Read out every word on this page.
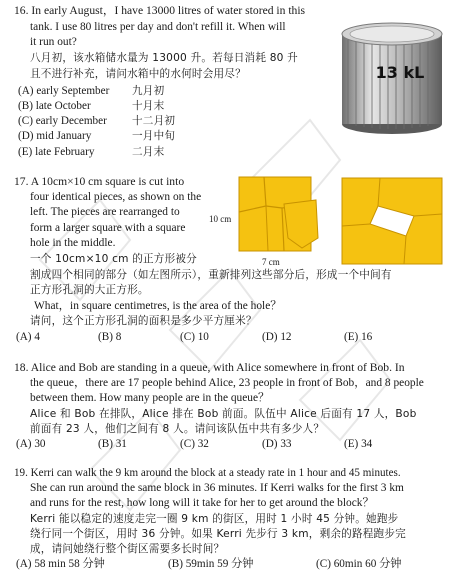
16. In early August，I have 13000 litres of water stored in this
tank. I use 80 litres per day and don't refill it. When will
it run out?
八月初，该水箱储水量为 13000 升。若每日消耗 80 升
且不进行补充，请问水箱中的水何时会用尽？
(A) early September 九月初
(B) late October	十月末
(C) early December 十二月初
(D) mid January	一月中旬
(E) late February	二月末
13 kL
17. A 10cm×10 cm square is cut into
four identical pieces, as shown on the
left. The pieces are rearranged to
form a larger square with a square
hole in the middle.
一个 10cm×10 cm 的正方形被分
割成四个相同的部分（如左图所示），重新排列这些部分后，形成一个中间有
正方形孔洞的大正方形。
What，in square centimetres, is the area of the hole？
请问，这个正方形孔洞的面积是多少平方厘米？
(A) 4	(B) 8	(C) 10	(D) 12	(E) 16
10 cm
7 cm
18. Alice and Bob are standing in a queue, with Alice somewhere in front of Bob. In
the queue，there are 17 people behind Alice, 23 people in front of Bob，and 8 people
between them. How many people are in the queue？
Alice 和 Bob 在排队，Alice 排在 Bob 前面。队伍中 Alice 后面有 17 人，Bob
前面有 23 人，他们之间有 8 人。请问该队伍中共有多少人？
(A) 30	(B) 31	(C) 32	(D) 33	(E) 34
19. Kerri can walk the 9 km around the block at a steady rate in 1 hour and 45 minutes.
She can run around the same block in 36 minutes. If Kerri walks for the first 3 km
and runs for the rest, how long will it take for her to get around the block？
Kerri 能以稳定的速度走完一圈 9 km 的街区，用时 1 小时 45 分钟。她跑步
绕行同一个街区，用时 36 分钟。如果 Kerri 先步行 3 km，剩余的路程跑步完
成，请问她绕行整个街区需要多长时间？
(A) 58 min 58 分钟	(B) 59min 59 分钟	(C) 60min 60 分钟
